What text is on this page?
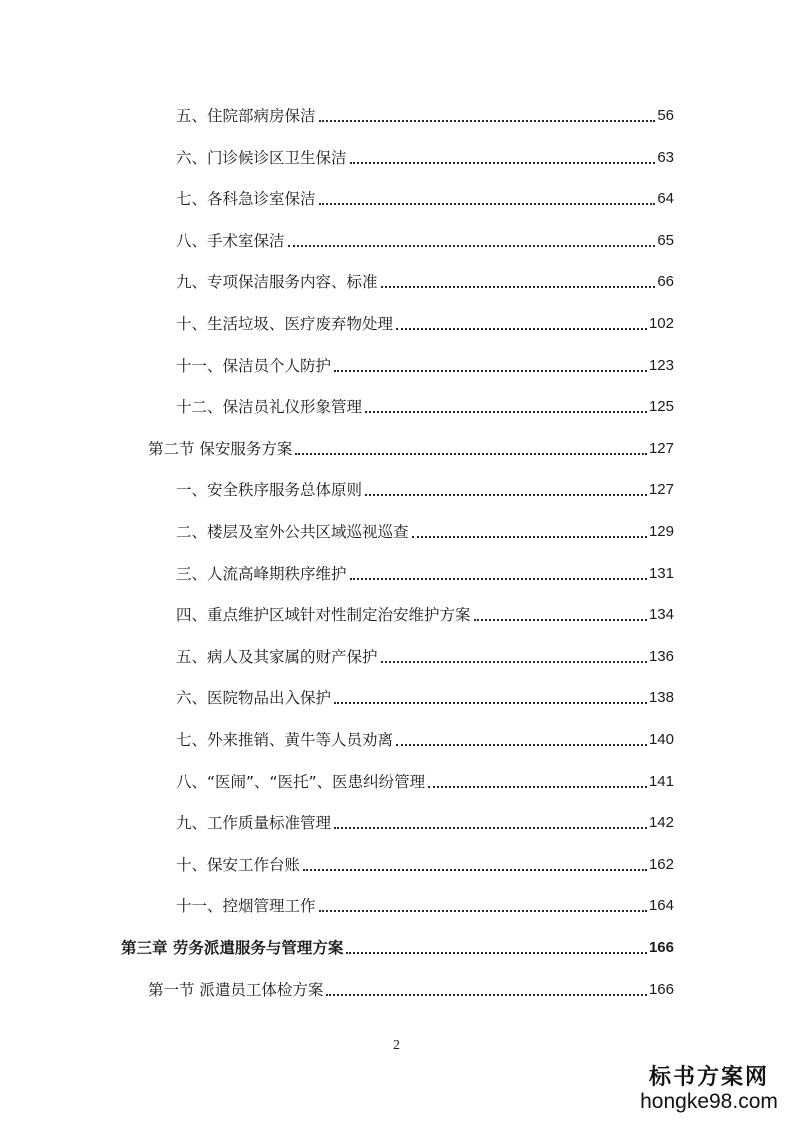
五、住院部病房保洁	56
六、门诊候诊区卫生保洁	63
七、各科急诊室保洁	64
八、手术室保洁	65
九、专项保洁服务内容、标准	66
十、生活垃圾、医疗废弃物处理	102
十一、保洁员个人防护	123
十二、保洁员礼仪形象管理	125
第二节 保安服务方案	127
一、安全秩序服务总体原则	127
二、楼层及室外公共区域巡视巡查	129
三、人流高峰期秩序维护	131
四、重点维护区域针对性制定治安维护方案	134
五、病人及其家属的财产保护	136
六、医院物品出入保护	138
七、外来推销、黄牛等人员劝离	140
八、“医闹”、“医托”、医患纠纷管理	141
九、工作质量标准管理	142
十、保安工作台账	162
十一、控烟管理工作	164
第三章 劳务派遣服务与管理方案	166
第一节 派遣员工体检方案	166
2
标书方案网
hongke98.com
